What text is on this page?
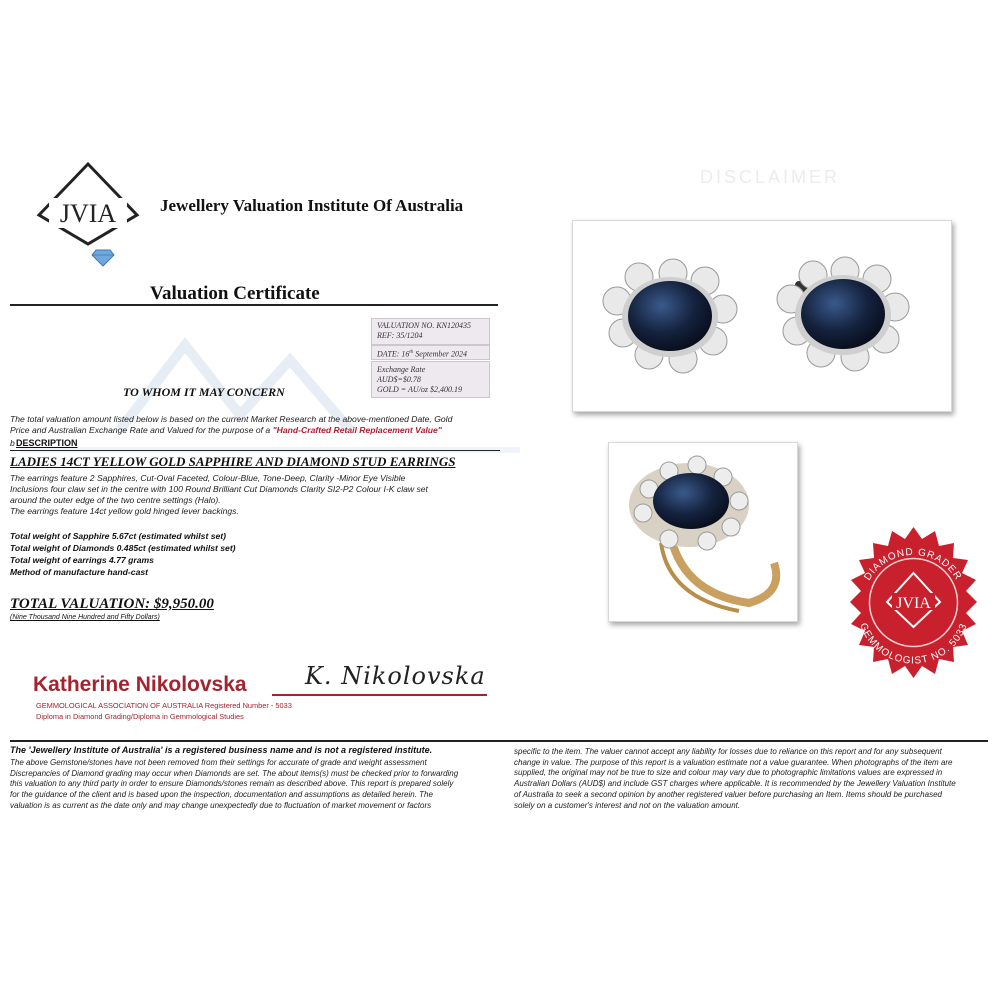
DISCLAIMER
JVIA	Jewellery Valuation Institute Of Australia
Valuation Certificate
VALUATION NO. KN120435
REF: 35/1204
DATE: 16th September 2024
Exchange Rate
AUD$=$0.78
GOLD = AU/oz $2,400.19
TO WHOM IT MAY CONCERN
The total valuation amount listed below is based on the current Market Research at the above-mentioned Date, Gold
Price and Australian Exchange Rate and Valued for the purpose of a "Hand-Crafted Retail Replacement Value"
b DESCRIPTION
LADIES 14CT YELLOW GOLD SAPPHIRE AND DIAMOND STUD EARRINGS
The earrings feature 2 Sapphires, Cut-Oval Faceted, Colour-Blue, Tone-Deep, Clarity -Minor Eye Visible
Inclusions four claw set in the centre with 100 Round Brilliant Cut Diamonds Clarity SI2-P2 Colour I-K claw set
around the outer edge of the two centre settings (Halo).
The earrings feature 14ct yellow gold hinged lever backings.
Total weight of Sapphire 5.67ct (estimated whilst set)
Total weight of Diamonds 0.485ct (estimated whilst set)
Total weight of earrings 4.77 grams
Method of manufacture hand-cast
TOTAL VALUATION: $9,950.00
(Nine Thousand Nine Hundred and Fifty Dollars)

Katherine Nikolovska K. Nikolovska
GEMMOLOGICAL ASSOCIATION OF AUSTRALIA Registered Number - 5033
Diploma in Diamond Grading/Diploma in Gemmological Studies
The 'Jewellery Institute of Australia' is a registered business name and is not a registered institute.
The above Gemstone/stones have not been removed from their settings for accurate of grade and weight assessment
Discrepancies of Diamond grading may occur when Diamonds are set. The about items(s) must be checked prior to forwarding
this valuation to any third party in order to ensure Diamonds/stones remain as described above. This report is prepared solely
for the guidance of the client and is based upon the inspection, documentation and assumptions as detailed herein. The
valuation is as current as the date only and may change unexpectedly due to fluctuation of market movement or factors
specific to the item. The valuer cannot accept any liability for losses due to reliance on this report and for any subsequent
change in value. The purpose of this report is a valuation estimate not a value guarantee. When photographs of the item are
supplied, the original may not be true to size and colour may vary due to photographic limitations values are expressed in
Australian Dollars (AUD$) and include GST charges where applicable. It is recommended by the Jewellery Valuation Institute
of Australia to seek a second opinion by another registered valuer before purchasing an Item. Items should be purchased
solely on a customer's interest and not on the valuation amount.
DIAMOND GRADER
GEMMOLOGIST NO. 5033
JVIA
